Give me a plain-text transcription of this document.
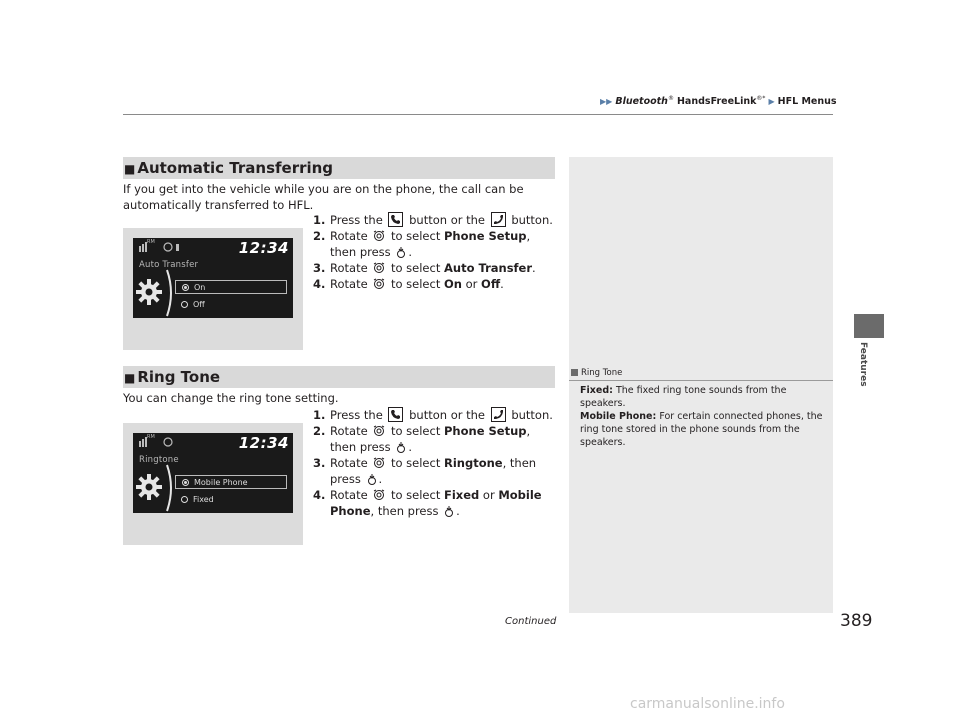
▶▶ Bluetooth® HandsFreeLink®* ▶ HFL Menus
Features
■ Automatic Transferring
If you get into the vehicle while you are on the phone, the call can be automatically transferred to HFL.
RM	12:34
Auto Transfer
On
Off

1. Press the button or the button.

2. Rotate to select Phone Setup, then press .

3. Rotate to select Auto Transfer.

4. Rotate to select On or Off.

■ Ring Tone
You can change the ring tone setting.
RM	12:34
Ringtone
Mobile Phone
Fixed

1. Press the button or the button.

2. Rotate to select Phone Setup, then press .

3. Rotate to select Ringtone, then press .

4. Rotate to select Fixed or Mobile Phone, then press .

Ring Tone
Fixed: The fixed ring tone sounds from the speakers.
Mobile Phone: For certain connected phones, the ring tone stored in the phone sounds from the speakers.
Continued	389
carmanualsonline.info
